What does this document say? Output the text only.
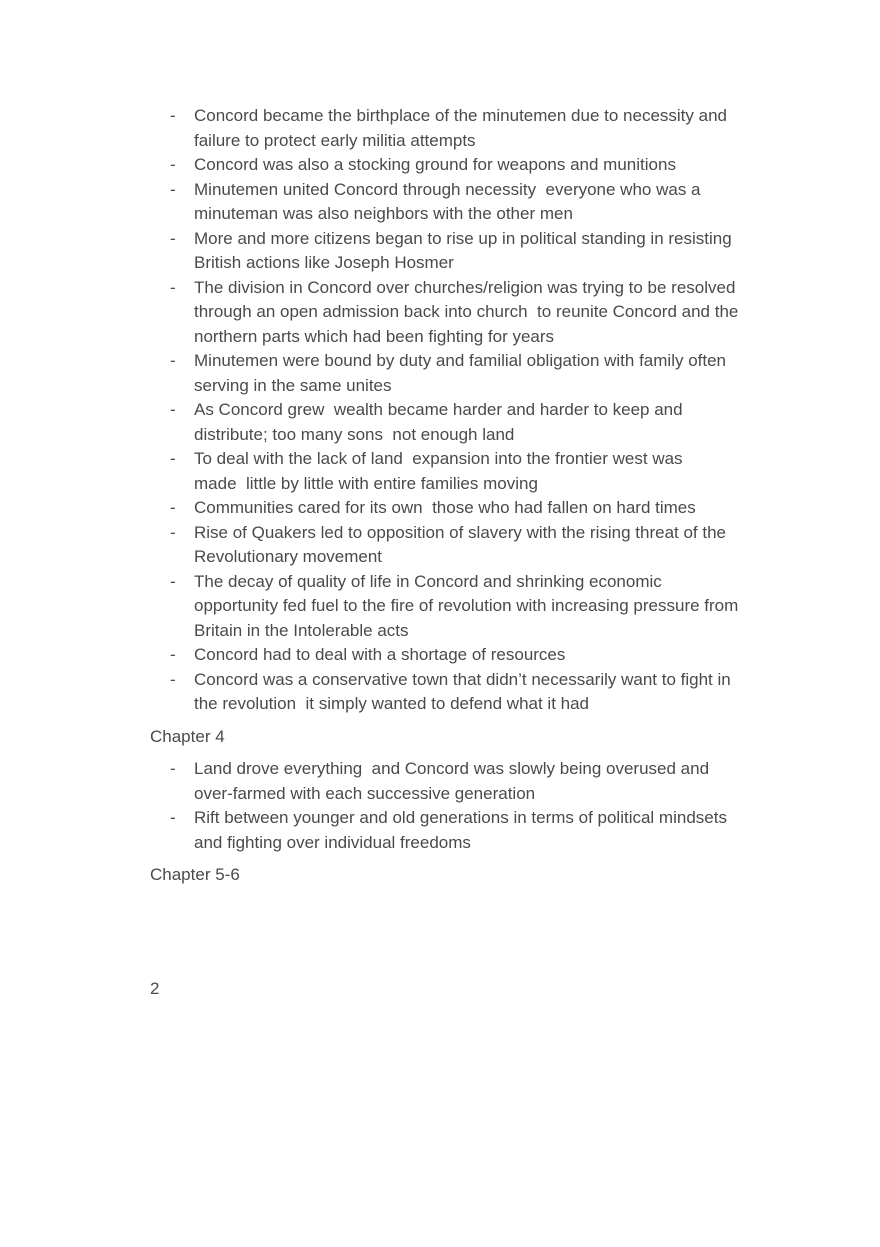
- Concord became the birthplace of the minutemen due to necessity and failure to protect early militia attempts
- Concord was also a stocking ground for weapons and munitions
- Minutemen united Concord through necessity  everyone who was a minuteman was also neighbors with the other men
- More and more citizens began to rise up in political standing in resisting British actions like Joseph Hosmer
- The division in Concord over churches/religion was trying to be resolved through an open admission back into church  to reunite Concord and the northern parts which had been fighting for years
- Minutemen were bound by duty and familial obligation with family often serving in the same unites
- As Concord grew  wealth became harder and harder to keep and distribute; too many sons  not enough land
- To deal with the lack of land  expansion into the frontier west was made  little by little with entire families moving
- Communities cared for its own  those who had fallen on hard times
- Rise of Quakers led to opposition of slavery with the rising threat of the Revolutionary movement
- The decay of quality of life in Concord and shrinking economic opportunity fed fuel to the fire of revolution with increasing pressure from Britain in the Intolerable acts
- Concord had to deal with a shortage of resources
- Concord was a conservative town that didn’t necessarily want to fight in the revolution  it simply wanted to defend what it had

Chapter 4

- Land drove everything  and Concord was slowly being overused and over-farmed with each successive generation
- Rift between younger and old generations in terms of political mindsets and fighting over individual freedoms

Chapter 5-6

2
